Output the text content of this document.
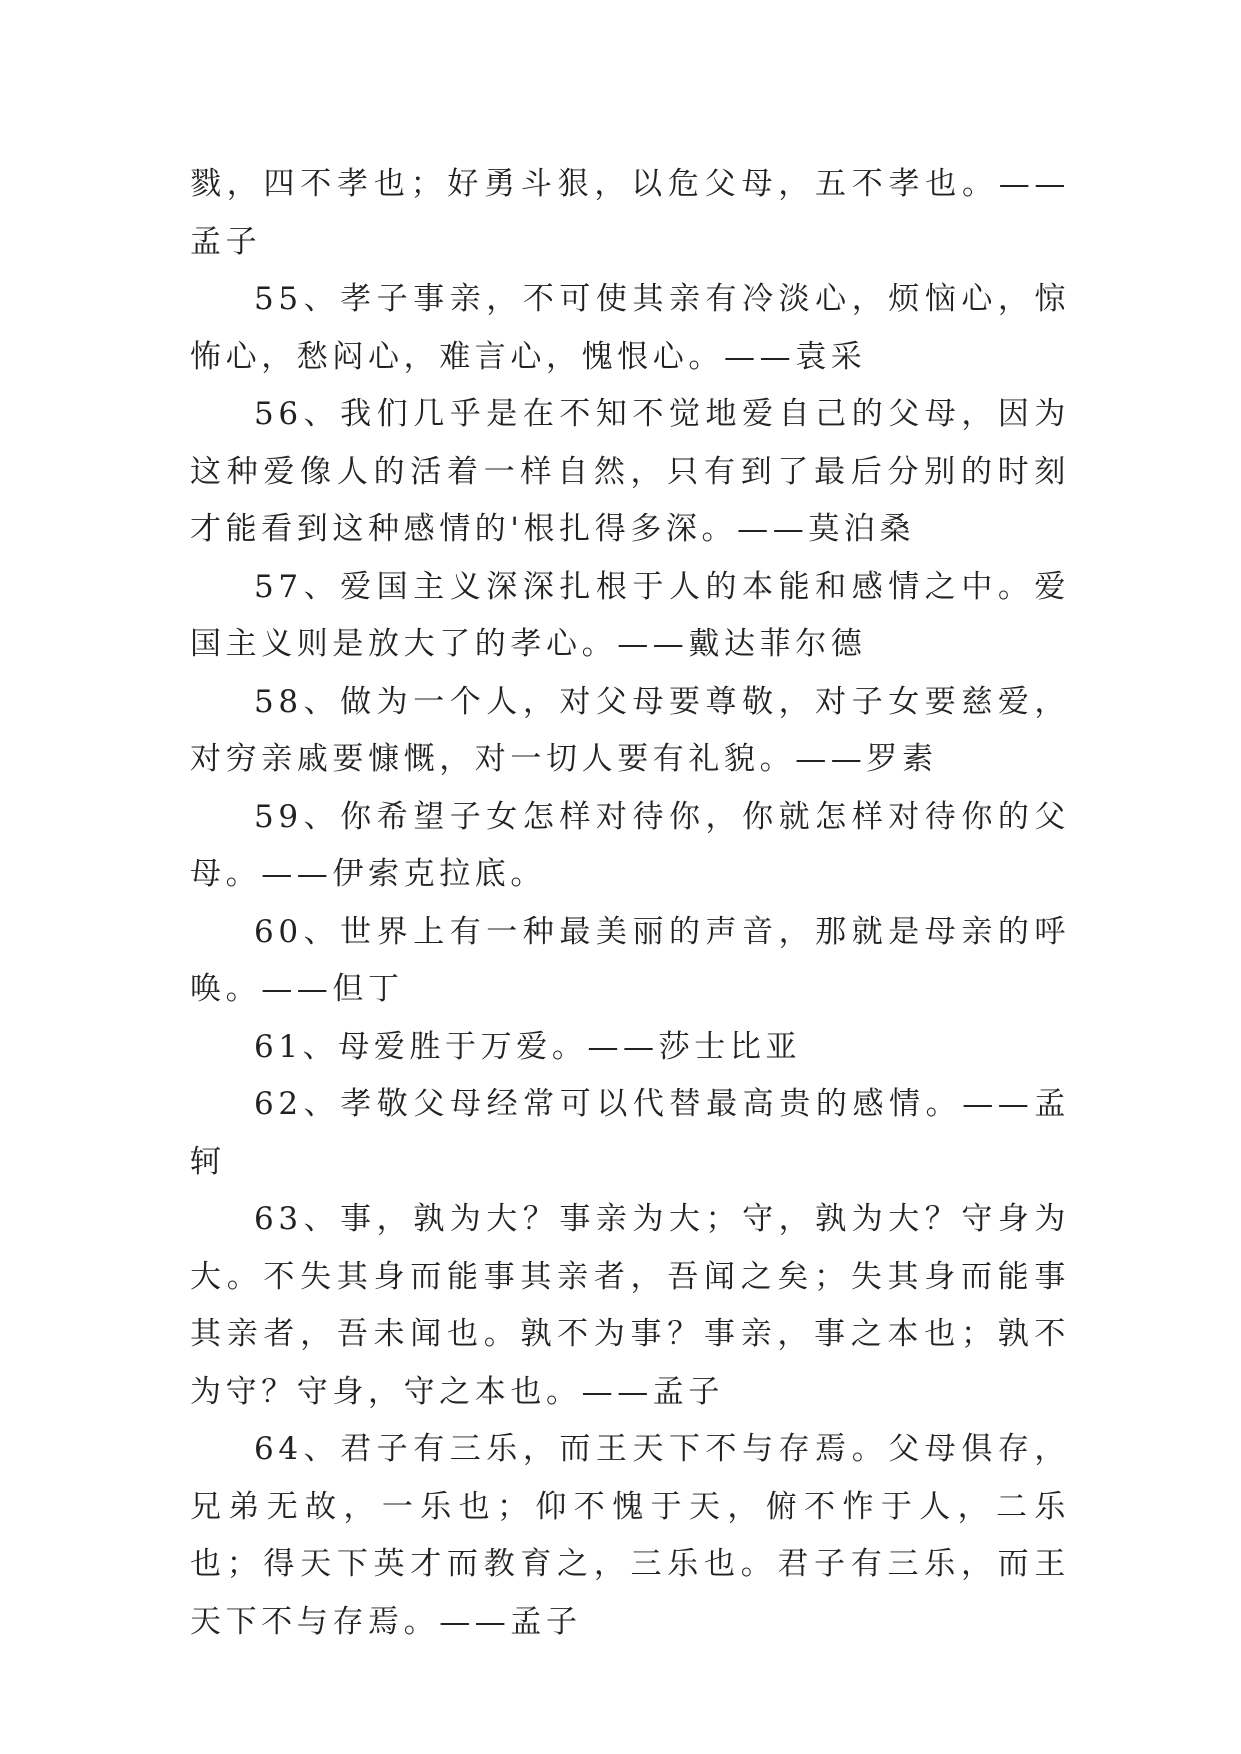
戮，四不孝也；好勇斗狠，以危父母，五不孝也。——孟子

55、孝子事亲，不可使其亲有冷淡心，烦恼心，惊怖心，愁闷心，难言心，愧恨心。——袁采

56、我们几乎是在不知不觉地爱自己的父母，因为这种爱像人的活着一样自然，只有到了最后分别的时刻才能看到这种感情的'根扎得多深。——莫泊桑

57、爱国主义深深扎根于人的本能和感情之中。爱国主义则是放大了的孝心。——戴达菲尔德

58、做为一个人，对父母要尊敬，对子女要慈爱，对穷亲戚要慷慨，对一切人要有礼貌。——罗素

59、你希望子女怎样对待你，你就怎样对待你的父母。——伊索克拉底。

60、世界上有一种最美丽的声音，那就是母亲的呼唤。——但丁

61、母爱胜于万爱。——莎士比亚

62、孝敬父母经常可以代替最高贵的感情。——孟轲

63、事，孰为大？事亲为大；守，孰为大？守身为大。不失其身而能事其亲者，吾闻之矣；失其身而能事其亲者，吾未闻也。孰不为事？事亲，事之本也；孰不为守？守身，守之本也。——孟子

64、君子有三乐，而王天下不与存焉。父母俱存，兄弟无故，一乐也；仰不愧于天，俯不怍于人，二乐也；得天下英才而教育之，三乐也。君子有三乐，而王天下不与存焉。——孟子
